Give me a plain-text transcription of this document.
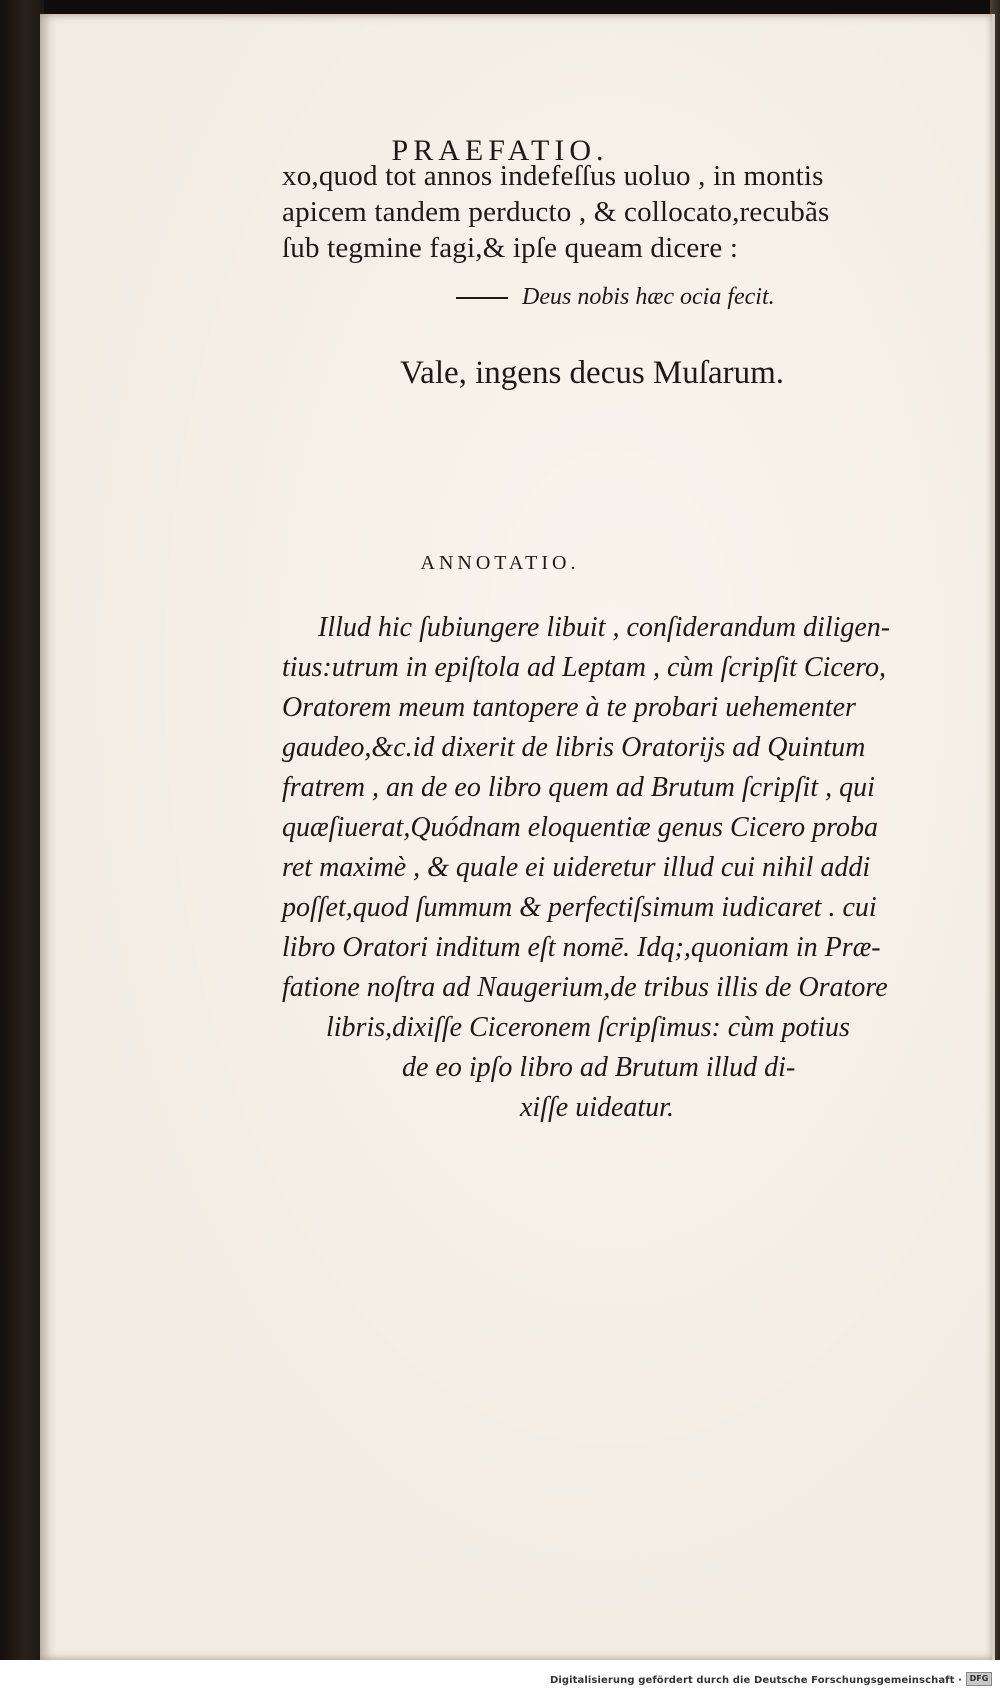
PRAEFATIO.
xo,quod tot annos indefeſſus uoluo , in montis
apicem tandem perducto , & collocato,recubãs
ſub tegmine fagi,& ipſe queam dicere :
Deus nobis hæc ocia fecit.
Vale, ingens decus Muſarum.
ANNOTATIO.
Illud hic ſubiungere libuit , conſiderandum diligen-
tius:utrum in epiſtola ad Leptam , cùm ſcripſit Cicero,
Oratorem meum tantopere à te probari uehementer
gaudeo,&c.id dixerit de libris Oratorijs ad Quintum
fratrem , an de eo libro quem ad Brutum ſcripſit , qui
quæſiuerat,Quódnam eloquentiæ genus Cicero proba
ret maximè , & quale ei uideretur illud cui nihil addi
poſſet,quod ſummum & perfectiſsimum iudicaret . cui
libro Oratori inditum eſt nomē. Idq;,quoniam in Præ-
fatione noſtra ad Naugerium,de tribus illis de Oratore
libris,dixiſſe Ciceronem ſcripſimus: cùm potius
de eo ipſo libro ad Brutum illud di-
xiſſe uideatur.
Digitalisierung gefördert durch die Deutsche Forschungsgemeinschaft · DFG
